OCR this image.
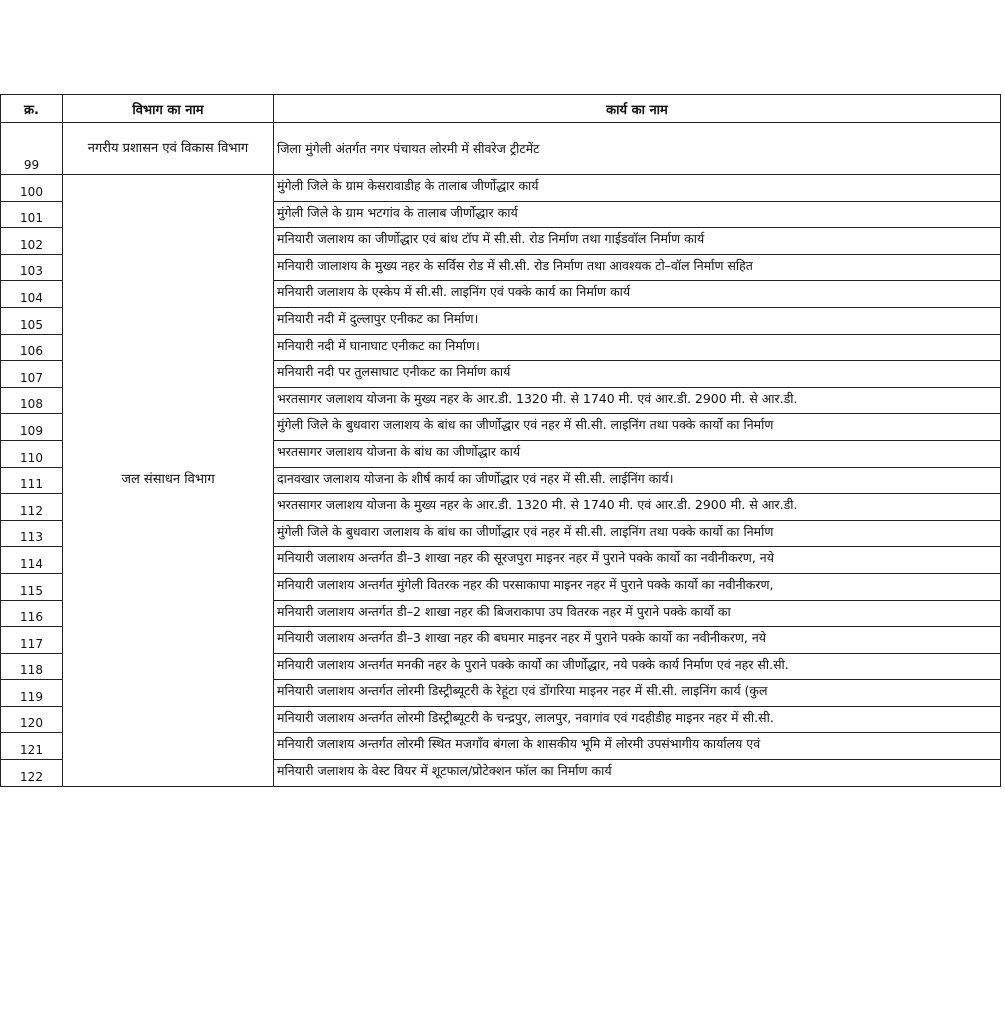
क्र.	विभाग का नाम	कार्य का नाम
99	नगरीय प्रशासन एवं विकास विभाग	जिला मुंगेली अंतर्गत नगर पंचायत लोरमी में सीवरेज ट्रीटमेंट
100	जल संसाधन विभाग	मुंगेली जिले के ग्राम केसरावाडीह के तालाब जीर्णोद्धार कार्य
101		मुंगेली जिले के ग्राम भटगांव के तालाब जीर्णोद्धार कार्य
102		मनियारी जलाशय का जीर्णोद्धार एवं बांध टॉप में सी.सी. रोड निर्माण तथा गाईडवॉल निर्माण कार्य
103		मनियारी जालाशय के मुख्य नहर के सर्विस रोड में सी.सी. रोड निर्माण तथा आवश्यक टो–वॉल निर्माण सहित
104		मनियारी जलाशय के एस्केप में सी.सी. लाइनिंग एवं पक्के कार्य का निर्माण कार्य
105		मनियारी नदी में दुल्लापुर एनीकट का निर्माण।
106		मनियारी नदी में घानाघाट एनीकट का निर्माण।
107		मनियारी नदी पर तुलसाघाट एनीकट का निर्माण कार्य
108		भरतसागर जलाशय योजना के मुख्य नहर के आर.डी. 1320 मी. से 1740 मी. एवं आर.डी. 2900 मी. से आर.डी.
109		मुंगेली जिले के बुधवारा जलाशय के बांध का जीर्णोद्धार एवं नहर में सी.सी. लाइनिंग तथा पक्के कार्यो का निर्माण
110		भरतसागर जलाशय योजना के बांध का जीर्णोद्धार कार्य
111		दानवखार जलाशय योजना के शीर्ष कार्य का जीर्णोद्धार एवं नहर में सी.सी. लाईनिंग कार्य।
112		भरतसागर जलाशय योजना के मुख्य नहर के आर.डी. 1320 मी. से 1740 मी. एवं आर.डी. 2900 मी. से आर.डी.
113		मुंगेली जिले के बुधवारा जलाशय के बांध का जीर्णोद्धार एवं नहर में सी.सी. लाइनिंग तथा पक्के कार्यो का निर्माण
114		मनियारी जलाशय अन्तर्गत डी–3 शाखा नहर की सूरजपुरा माइनर नहर में पुराने पक्के कार्यो का नवीनीकरण, नये
115		मनियारी जलाशय अन्तर्गत मुंगेली वितरक नहर की परसाकापा माइनर नहर में पुराने पक्के कार्यो का नवीनीकरण,
116		मनियारी जलाशय अन्तर्गत डी–2 शाखा नहर की बिजराकापा उप वितरक नहर में पुराने पक्के कार्यो का
117		मनियारी जलाशय अन्तर्गत डी–3 शाखा नहर की बघमार माइनर नहर में पुराने पक्के कार्यो का नवीनीकरण, नये
118		मनियारी जलाशय अन्तर्गत मनकी नहर के पुराने पक्के कार्यो का जीर्णोद्धार, नये पक्के कार्य निर्माण एवं नहर सी.सी.
119		मनियारी जलाशय अन्तर्गत लोरमी डिस्ट्रीब्यूटरी के रेहूंटा एवं डोंगरिया माइनर नहर में सी.सी. लाइनिंग कार्य (कुल
120		मनियारी जलाशय अन्तर्गत लोरमी डिस्ट्रीब्यूटरी के चन्द्रपुर, लालपुर, नवागांव एवं गदहीडीह माइनर नहर में सी.सी.
121		मनियारी जलाशय अन्तर्गत लोरमी स्थित मजगाँव बंगला के शासकीय भूमि में लोरमी उपसंभागीय कार्यालय एवं
122		मनियारी जलाशय के वेस्ट वियर में शूटफाल/प्रोटेक्शन फॉल का निर्माण कार्य
